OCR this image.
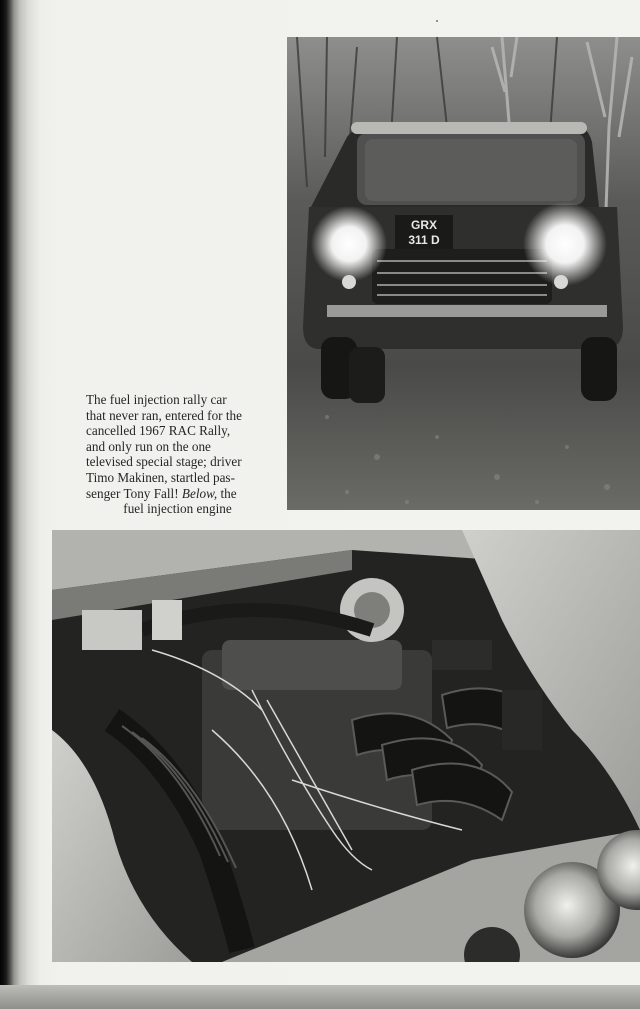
GRX
311 D
The fuel injection rally car
that never ran, entered for the
cancelled 1967 RAC Rally,
and only run on the one
televised special stage; driver
Timo Makinen, startled pas-
senger Tony Fall! Below, the
fuel injection engine
